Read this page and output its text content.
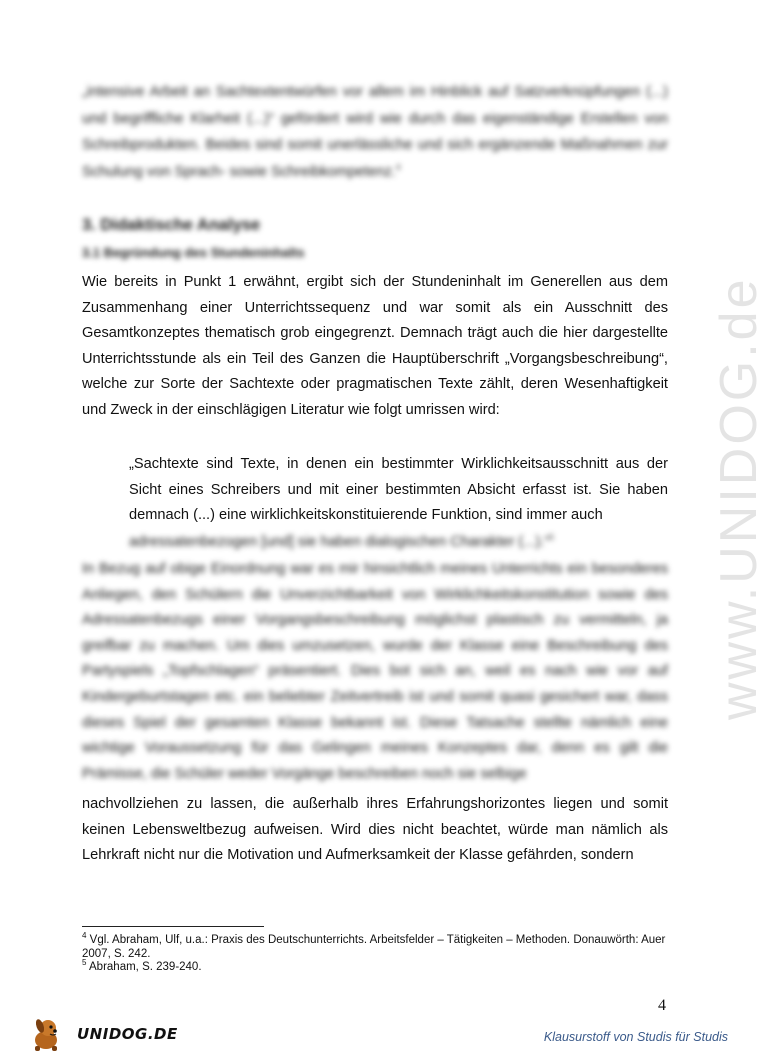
www.UNIDOG.de
„intensive Arbeit an Sachtextentwürfen vor allem im Hinblick auf Satzverknüpfungen (...) und begriffliche Klarheit (...)“ gefördert wird wie durch das eigenständige Erstellen von Schreibprodukten. Beides sind somit unerlässliche und sich ergänzende Maßnahmen zur Schulung von Sprach- sowie Schreibkompetenz.$^4$
3. Didaktische Analyse
3.1 Begründung des Stundeninhalts
Wie bereits in Punkt 1 erwähnt, ergibt sich der Stundeninhalt im Generellen aus dem Zusammenhang einer Unterrichtssequenz und war somit als ein Ausschnitt des Gesamtkonzeptes thematisch grob eingegrenzt. Demnach trägt auch die hier dargestellte Unterrichtsstunde als ein Teil des Ganzen die Hauptüberschrift „Vorgangsbeschreibung“, welche zur Sorte der Sachtexte oder pragmatischen Texte zählt, deren Wesenhaftigkeit und Zweck in der einschlägigen Literatur wie folgt umrissen wird:
„Sachtexte sind Texte, in denen ein bestimmter Wirklichkeitsausschnitt aus der Sicht eines Schreibers und mit einer bestimmten Absicht erfasst ist. Sie haben demnach (...) eine wirklichkeitskonstituierende Funktion, sind immer auch
adressatenbezogen [und] sie haben dialogischen Charakter (...).“$^5$
In Bezug auf obige Einordnung war es mir hinsichtlich meines Unterrichts ein besonderes Anliegen, den Schülern die Unverzichtbarkeit von Wirklichkeitskonstitution sowie des Adressatenbezugs einer Vorgangsbeschreibung möglichst plastisch zu vermitteln, ja greifbar zu machen. Um dies umzusetzen, wurde der Klasse eine Beschreibung des Partyspiels „Topfschlagen“ präsentiert. Dies bot sich an, weil es nach wie vor auf Kindergeburtstagen etc. ein beliebter Zeitvertreib ist und somit quasi gesichert war, dass dieses Spiel der gesamten Klasse bekannt ist. Diese Tatsache stellte nämlich eine wichtige Voraussetzung für das Gelingen meines Konzeptes dar, denn es gilt die Prämisse, die Schüler weder Vorgänge beschreiben noch sie selbige
nachvollziehen zu lassen, die außerhalb ihres Erfahrungshorizontes liegen und somit keinen Lebensweltbezug aufweisen. Wird dies nicht beachtet, würde man nämlich als Lehrkraft nicht nur die Motivation und Aufmerksamkeit der Klasse gefährden, sondern
$^4$ Vgl. Abraham, Ulf, u.a.: Praxis des Deutschunterrichts. Arbeitsfelder – Tätigkeiten – Methoden. Donauwörth: Auer 2007, S. 242.
$^5$ Abraham, S. 239-240.
4
UNIDOG.DE	Klausurstoff von Studis für Studis
